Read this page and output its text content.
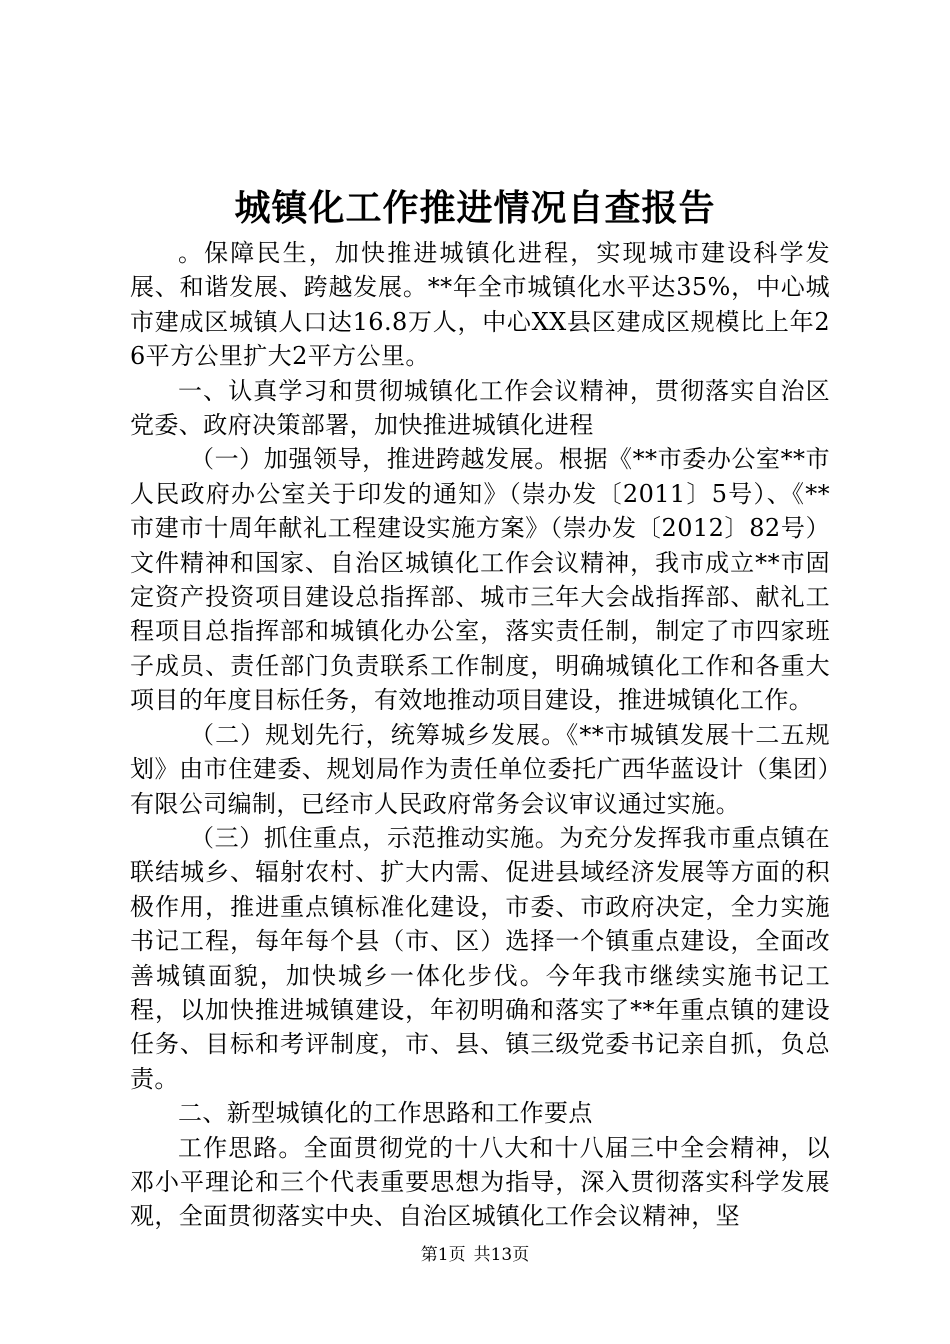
城镇化工作推进情况自查报告

。保障民生，加快推进城镇化进程，实现城市建设科学发展、和谐发展、跨越发展。**年全市城镇化水平达35%，中心城市建成区城镇人口达16.8万人，中心XX县区建成区规模比上年26平方公里扩大2平方公里。

一、认真学习和贯彻城镇化工作会议精神，贯彻落实自治区党委、政府决策部署，加快推进城镇化进程

（一）加强领导，推进跨越发展。根据《**市委办公室**市人民政府办公室关于印发的通知》（崇办发〔2011〕5号）、《**市建市十周年献礼工程建设实施方案》（崇办发〔2012〕82号）文件精神和国家、自治区城镇化工作会议精神，我市成立**市固定资产投资项目建设总指挥部、城市三年大会战指挥部、献礼工程项目总指挥部和城镇化办公室，落实责任制，制定了市四家班子成员、责任部门负责联系工作制度，明确城镇化工作和各重大项目的年度目标任务，有效地推动项目建设，推进城镇化工作。

（二）规划先行，统筹城乡发展。《**市城镇发展十二五规划》由市住建委、规划局作为责任单位委托广西华蓝设计（集团）有限公司编制，已经市人民政府常务会议审议通过实施。

（三）抓住重点，示范推动实施。为充分发挥我市重点镇在联结城乡、辐射农村、扩大内需、促进县域经济发展等方面的积极作用，推进重点镇标准化建设，市委、市政府决定，全力实施书记工程，每年每个县（市、区）选择一个镇重点建设，全面改善城镇面貌，加快城乡一体化步伐。今年我市继续实施书记工程，以加快推进城镇建设，年初明确和落实了**年重点镇的建设任务、目标和考评制度，市、县、镇三级党委书记亲自抓，负总责。

二、新型城镇化的工作思路和工作要点

工作思路。全面贯彻党的十八大和十八届三中全会精神，以邓小平理论和三个代表重要思想为指导，深入贯彻落实科学发展观，全面贯彻落实中央、自治区城镇化工作会议精神，坚

第1页 共13页
